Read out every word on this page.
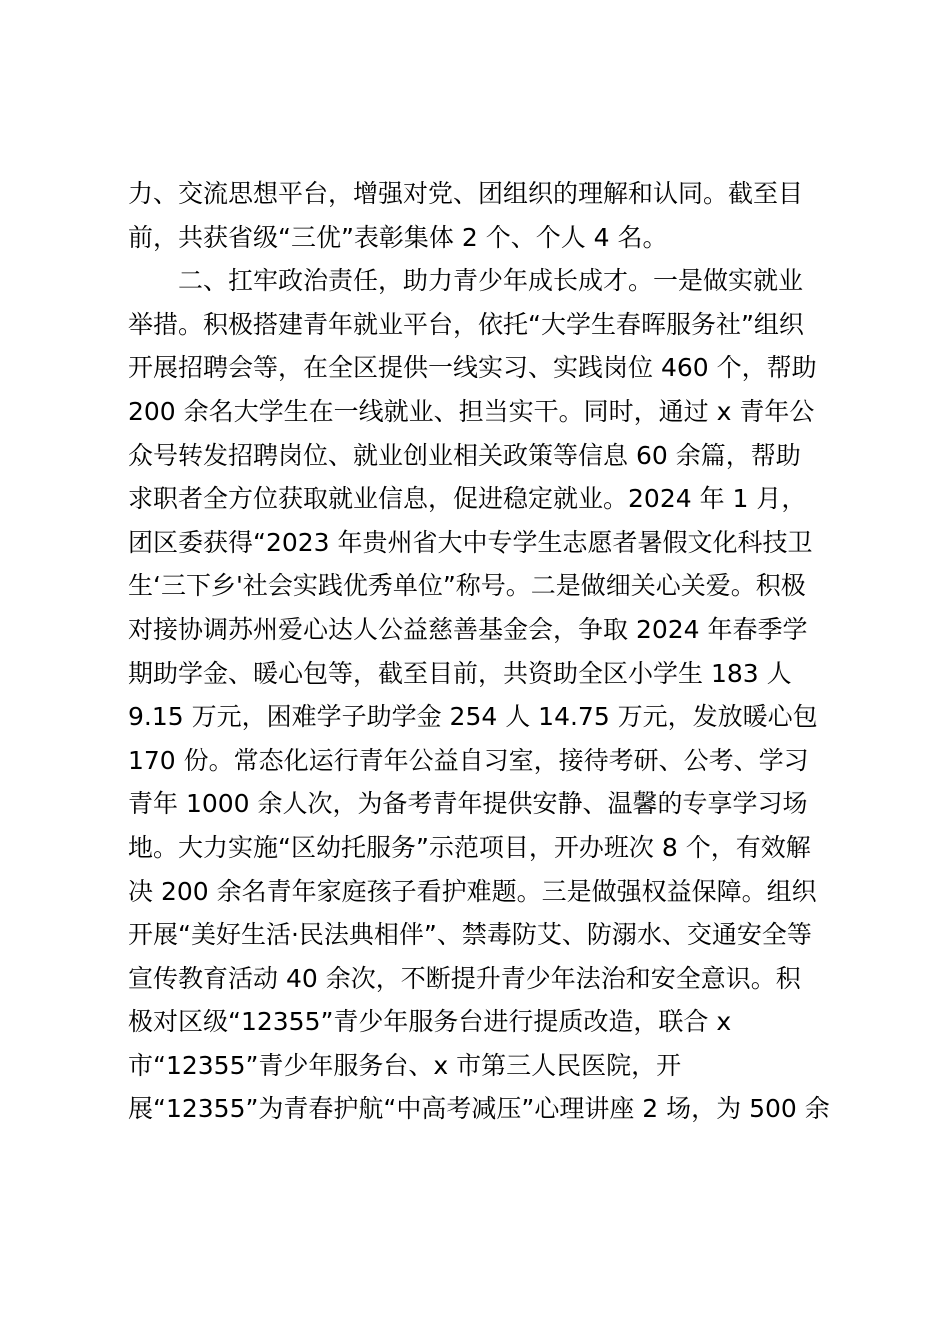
力、交流思想平台，增强对党、团组织的理解和认同。截至目
前，共获省级“三优”表彰集体 2 个、个人 4 名。
　　二、扛牢政治责任，助力青少年成长成才。一是做实就业
举措。积极搭建青年就业平台，依托“大学生春晖服务社”组织
开展招聘会等，在全区提供一线实习、实践岗位 460 个，帮助
200 余名大学生在一线就业、担当实干。同时，通过 x 青年公
众号转发招聘岗位、就业创业相关政策等信息 60 余篇，帮助
求职者全方位获取就业信息，促进稳定就业。2024 年 1 月，
团区委获得“2023 年贵州省大中专学生志愿者暑假文化科技卫
生‘三下乡'社会实践优秀单位”称号。二是做细关心关爱。积极
对接协调苏州爱心达人公益慈善基金会，争取 2024 年春季学
期助学金、暖心包等，截至目前，共资助全区小学生 183 人
9.15 万元，困难学子助学金 254 人 14.75 万元，发放暖心包
170 份。常态化运行青年公益自习室，接待考研、公考、学习
青年 1000 余人次，为备考青年提供安静、温馨的专享学习场
地。大力实施“区幼托服务”示范项目，开办班次 8 个，有效解
决 200 余名青年家庭孩子看护难题。三是做强权益保障。组织
开展“美好生活·民法典相伴”、禁毒防艾、防溺水、交通安全等
宣传教育活动 40 余次，不断提升青少年法治和安全意识。积
极对区级“12355”青少年服务台进行提质改造，联合 x
市“12355”青少年服务台、x 市第三人民医院，开
展“12355”为青春护航“中高考减压”心理讲座 2 场，为 500 余
